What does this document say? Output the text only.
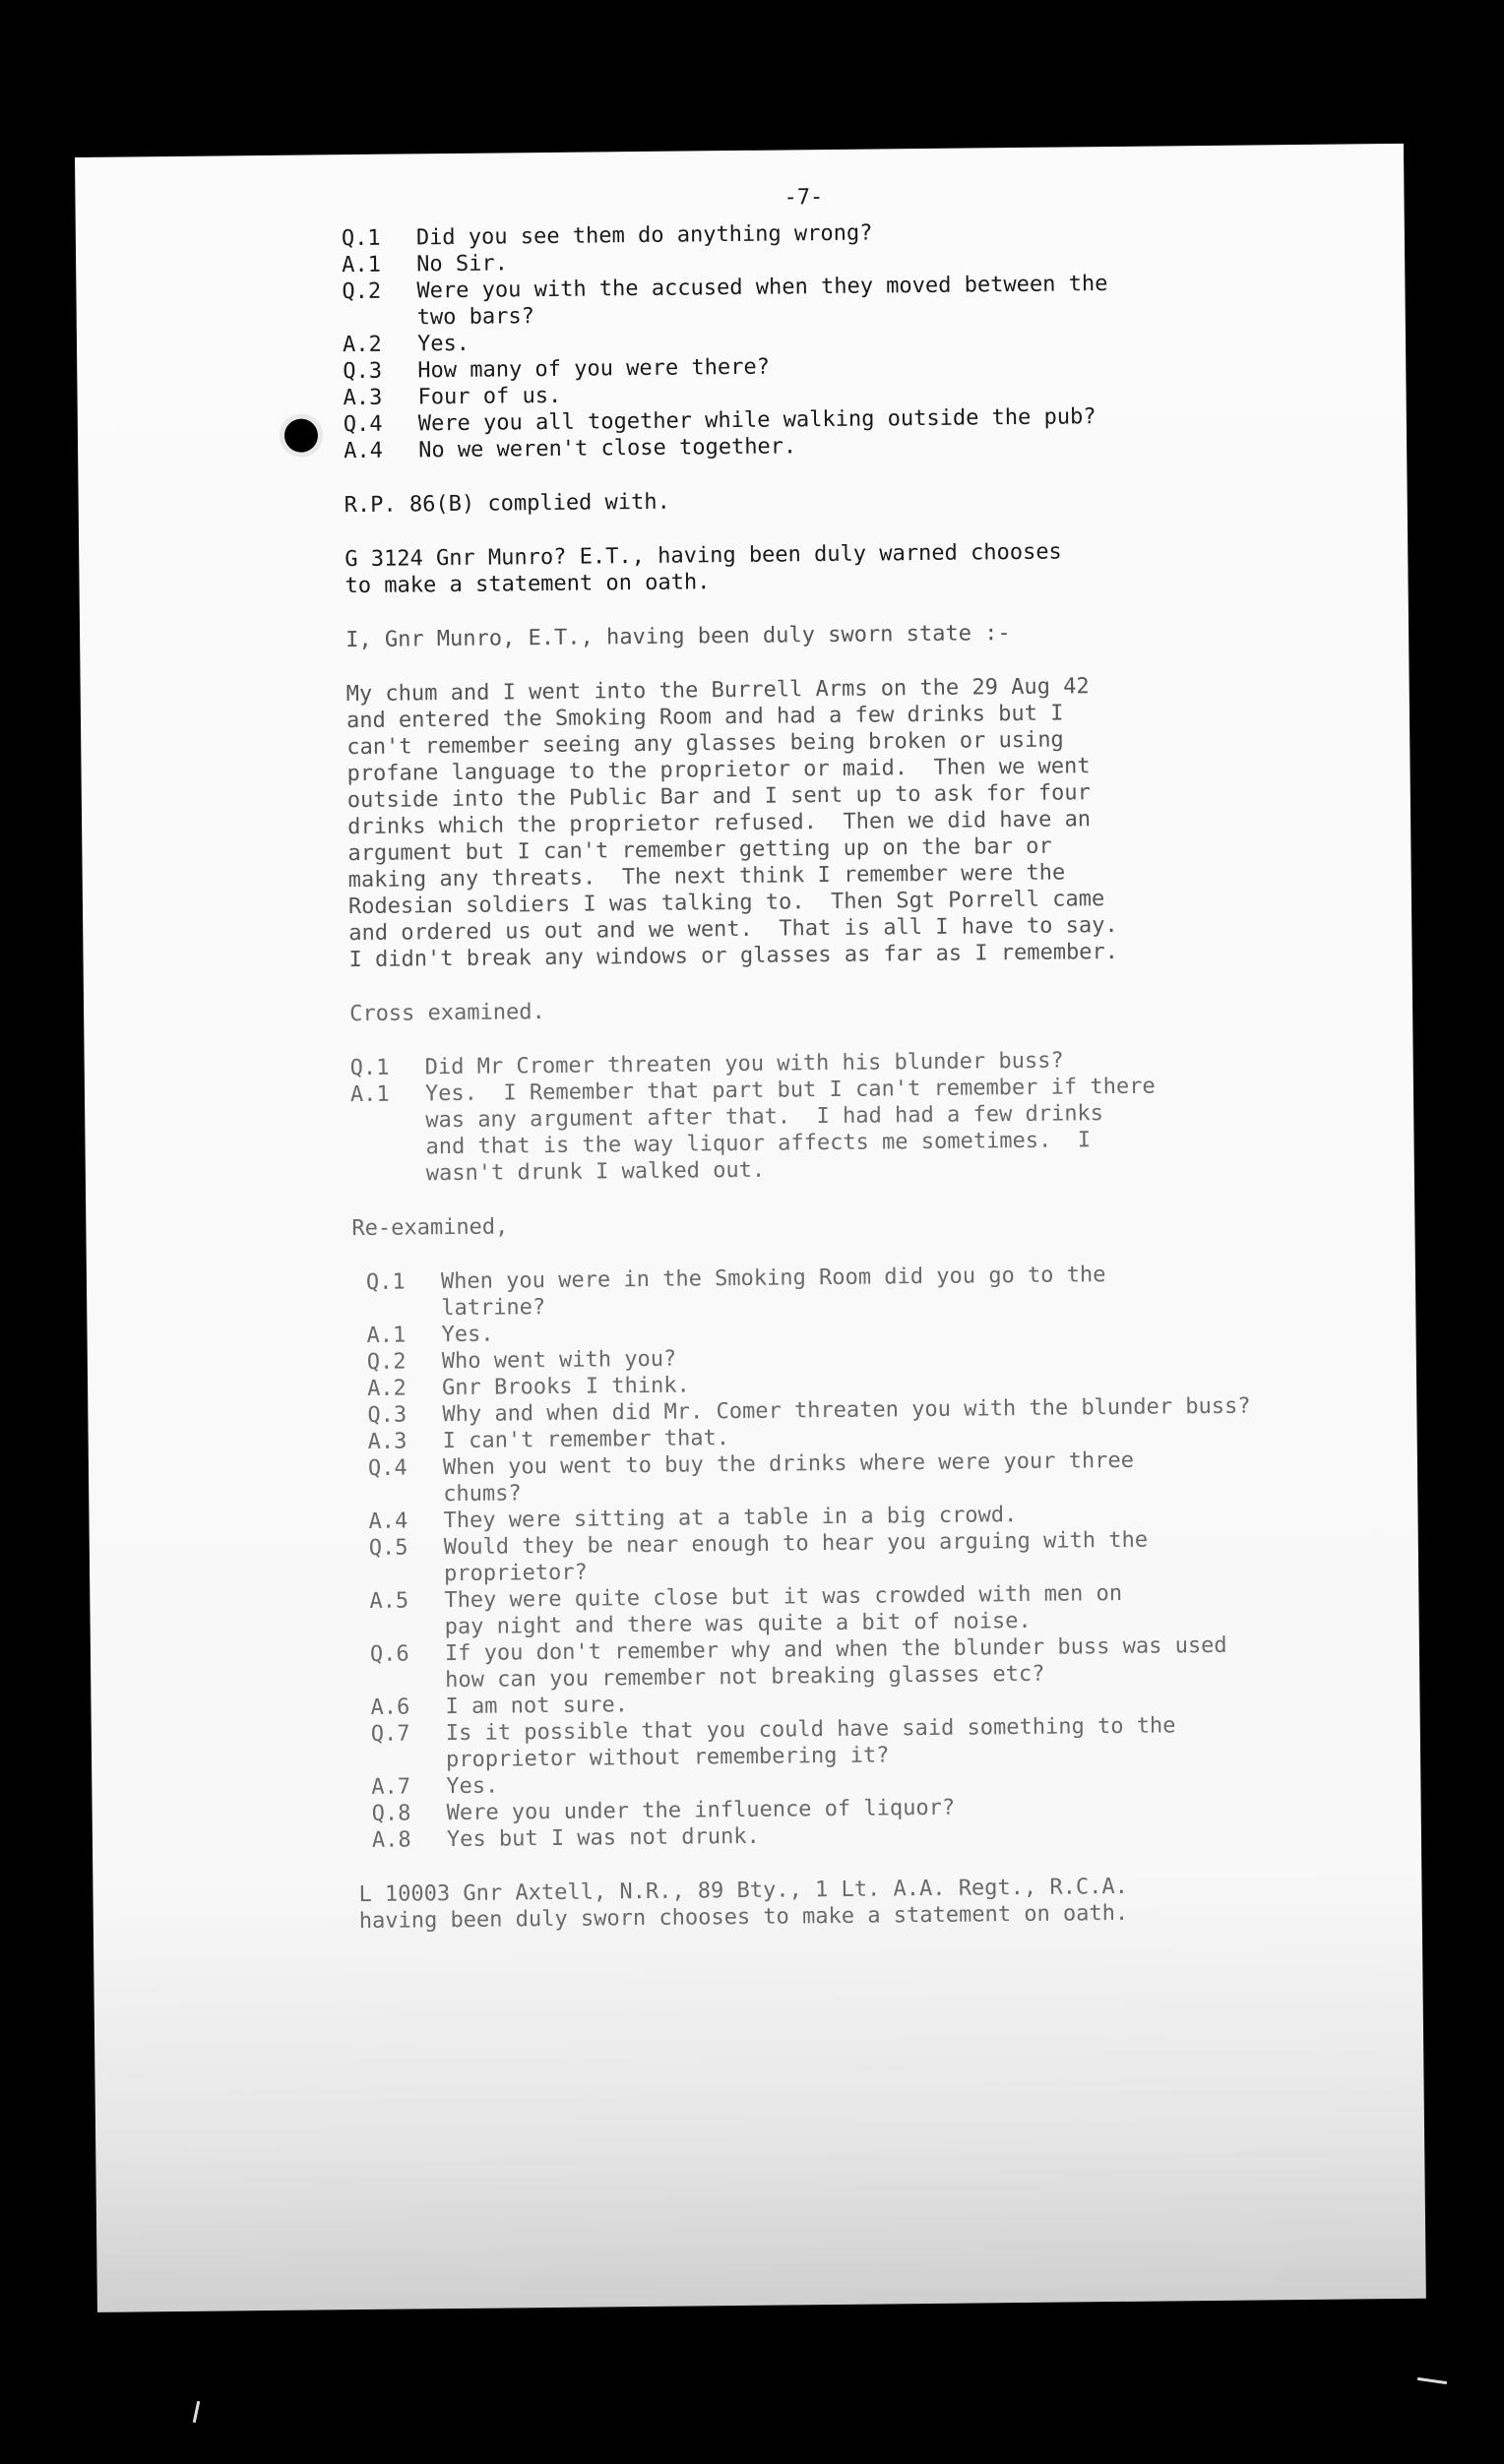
-7-
Q.1	Did you see them do anything wrong?
A.1	No Sir.
Q.2	Were you with the accused when they moved between the
two bars?
A.2	Yes.
Q.3	How many of you were there?
A.3	Four of us.
Q.4	Were you all together while walking outside the pub?
A.4	No we weren't close together.

R.P. 86(B) complied with.

G 3124 Gnr Munro? E.T., having been duly warned chooses
to make a statement on oath.

I, Gnr Munro, E.T., having been duly sworn state :-

My chum and I went into the Burrell Arms on the 29 Aug 42
and entered the Smoking Room and had a few drinks but I
can't remember seeing any glasses being broken or using
profane language to the proprietor or maid.  Then we went
outside into the Public Bar and I sent up to ask for four
drinks which the proprietor refused.  Then we did have an
argument but I can't remember getting up on the bar or
making any threats.  The next think I remember were the
Rodesian soldiers I was talking to.  Then Sgt Porrell came
and ordered us out and we went.  That is all I have to say.
I didn't break any windows or glasses as far as I remember.

Cross examined.

Q.1	Did Mr Cromer threaten you with his blunder buss?
A.1	Yes.  I Remember that part but I can't remember if there
was any argument after that.  I had had a few drinks
and that is the way liquor affects me sometimes.  I
wasn't drunk I walked out.

Re-examined,

Q.1	When you were in the Smoking Room did you go to the
latrine?
A.1	Yes.
Q.2	Who went with you?
A.2	Gnr Brooks I think.
Q.3	Why and when did Mr. Comer threaten you with the blunder buss?
A.3	I can't remember that.
Q.4	When you went to buy the drinks where were your three
chums?
A.4	They were sitting at a table in a big crowd.
Q.5	Would they be near enough to hear you arguing with the
proprietor?
A.5	They were quite close but it was crowded with men on
pay night and there was quite a bit of noise.
Q.6	If you don't remember why and when the blunder buss was used
how can you remember not breaking glasses etc?
A.6	I am not sure.
Q.7	Is it possible that you could have said something to the
proprietor without remembering it?
A.7	Yes.
Q.8	Were you under the influence of liquor?
A.8	Yes but I was not drunk.

L 10003 Gnr Axtell, N.R., 89 Bty., 1 Lt. A.A. Regt., R.C.A.
having been duly sworn chooses to make a statement on oath.
